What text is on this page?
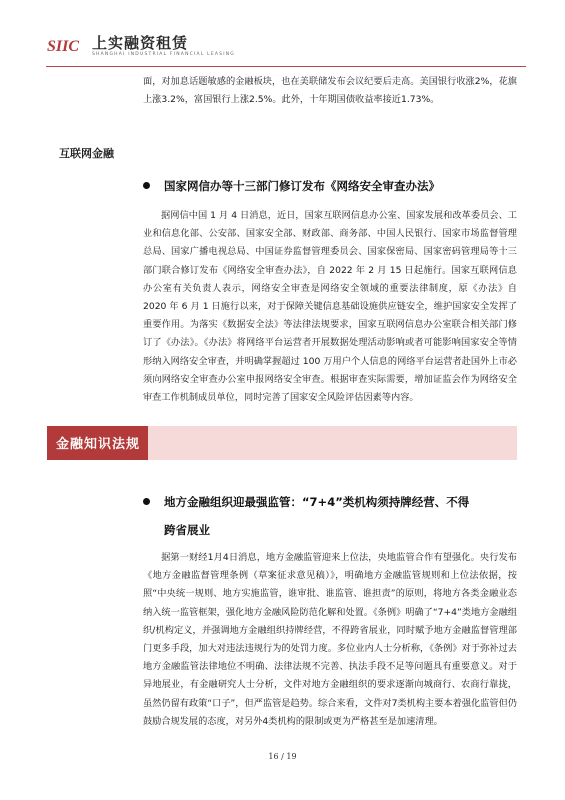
SIIC 上实融资租赁
SHANGHAI INDUSTRIAL FINANCIAL LEASING
面，对加息话题敏感的金融板块，也在美联储发布会议纪要后走高。美国银行收涨2%，花旗上涨3.2%，富国银行上涨2.5%。此外，十年期国债收益率接近1.73%。
互联网金融
国家网信办等十三部门修订发布《网络安全审查办法》
据网信中国 1 月 4 日消息，近日，国家互联网信息办公室、国家发展和改革委员会、工业和信息化部、公安部、国家安全部、财政部、商务部、中国人民银行、国家市场监督管理总局、国家广播电视总局、中国证券监督管理委员会、国家保密局、国家密码管理局等十三部门联合修订发布《网络安全审查办法》，自 2022 年 2 月 15 日起施行。国家互联网信息办公室有关负责人表示，网络安全审查是网络安全领域的重要法律制度，原《办法》自 2020 年 6 月 1 日施行以来，对于保障关键信息基础设施供应链安全，维护国家安全发挥了重要作用。为落实《数据安全法》等法律法规要求，国家互联网信息办公室联合相关部门修订了《办法》。《办法》将网络平台运营者开展数据处理活动影响或者可能影响国家安全等情形纳入网络安全审查，并明确掌握超过 100 万用户个人信息的网络平台运营者赴国外上市必须向网络安全审查办公室申报网络安全审查。根据审查实际需要，增加证监会作为网络安全审查工作机制成员单位，同时完善了国家安全风险评估因素等内容。
金融知识法规
地方金融组织迎最强监管：“7+4”类机构须持牌经营、不得
跨省展业
据第一财经1月4日消息，地方金融监管迎来上位法，央地监管合作有望强化。央行发布《地方金融监督管理条例（草案征求意见稿）》，明确地方金融监管规则和上位法依据，按照“中央统一规则、地方实施监管，谁审批、谁监管、谁担责”的原则，将地方各类金融业态纳入统一监管框架，强化地方金融风险防范化解和处置。《条例》明确了“7+4”类地方金融组织/机构定义，并强调地方金融组织持牌经营，不得跨省展业，同时赋予地方金融监督管理部门更多手段，加大对违法违规行为的处罚力度。多位业内人士分析称，《条例》对于弥补过去地方金融监管法律地位不明确、法律法规不完善、执法手段不足等问题具有重要意义。对于异地展业，有金融研究人士分析，文件对地方金融组织的要求逐渐向城商行、农商行靠拢，虽然仍留有政策“口子”，但严监管是趋势。综合来看，文件对7类机构主要本着强化监管但仍鼓励合规发展的态度，对另外4类机构的限制或更为严格甚至是加速清理。
16 / 19
